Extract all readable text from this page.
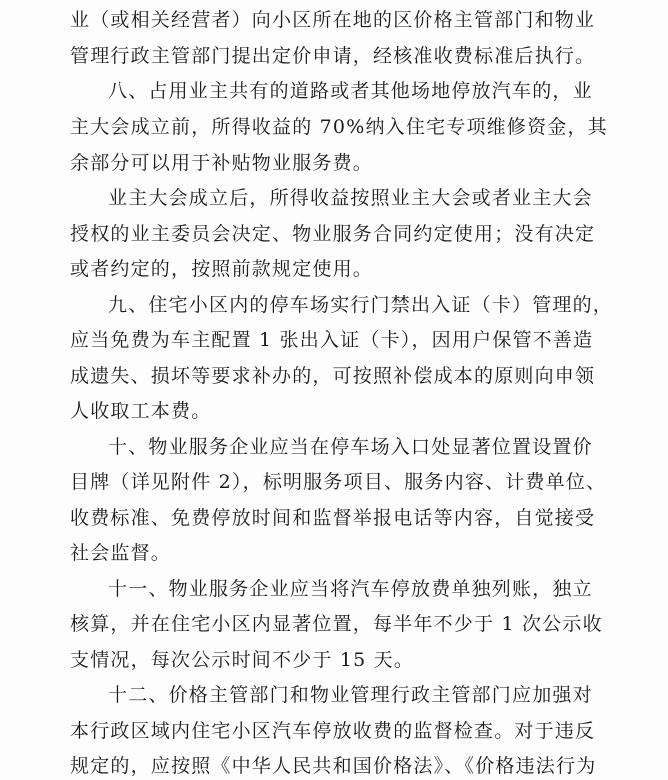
业（或相关经营者）向小区所在地的区价格主管部门和物业
管理行政主管部门提出定价申请，经核准收费标准后执行。
八、占用业主共有的道路或者其他场地停放汽车的，业
主大会成立前，所得收益的 70%纳入住宅专项维修资金，其
余部分可以用于补贴物业服务费。
业主大会成立后，所得收益按照业主大会或者业主大会
授权的业主委员会决定、物业服务合同约定使用；没有决定
或者约定的，按照前款规定使用。
九、住宅小区内的停车场实行门禁出入证（卡）管理的，
应当免费为车主配置 1 张出入证（卡），因用户保管不善造
成遗失、损坏等要求补办的，可按照补偿成本的原则向申领
人收取工本费。
十、物业服务企业应当在停车场入口处显著位置设置价
目牌（详见附件 2），标明服务项目、服务内容、计费单位、
收费标准、免费停放时间和监督举报电话等内容，自觉接受
社会监督。
十一、物业服务企业应当将汽车停放费单独列账，独立
核算，并在住宅小区内显著位置，每半年不少于 1 次公示收
支情况，每次公示时间不少于 15 天。
十二、价格主管部门和物业管理行政主管部门应加强对
本行政区域内住宅小区汽车停放收费的监督检查。对于违反
规定的，应按照《中华人民共和国价格法》、《价格违法行为
